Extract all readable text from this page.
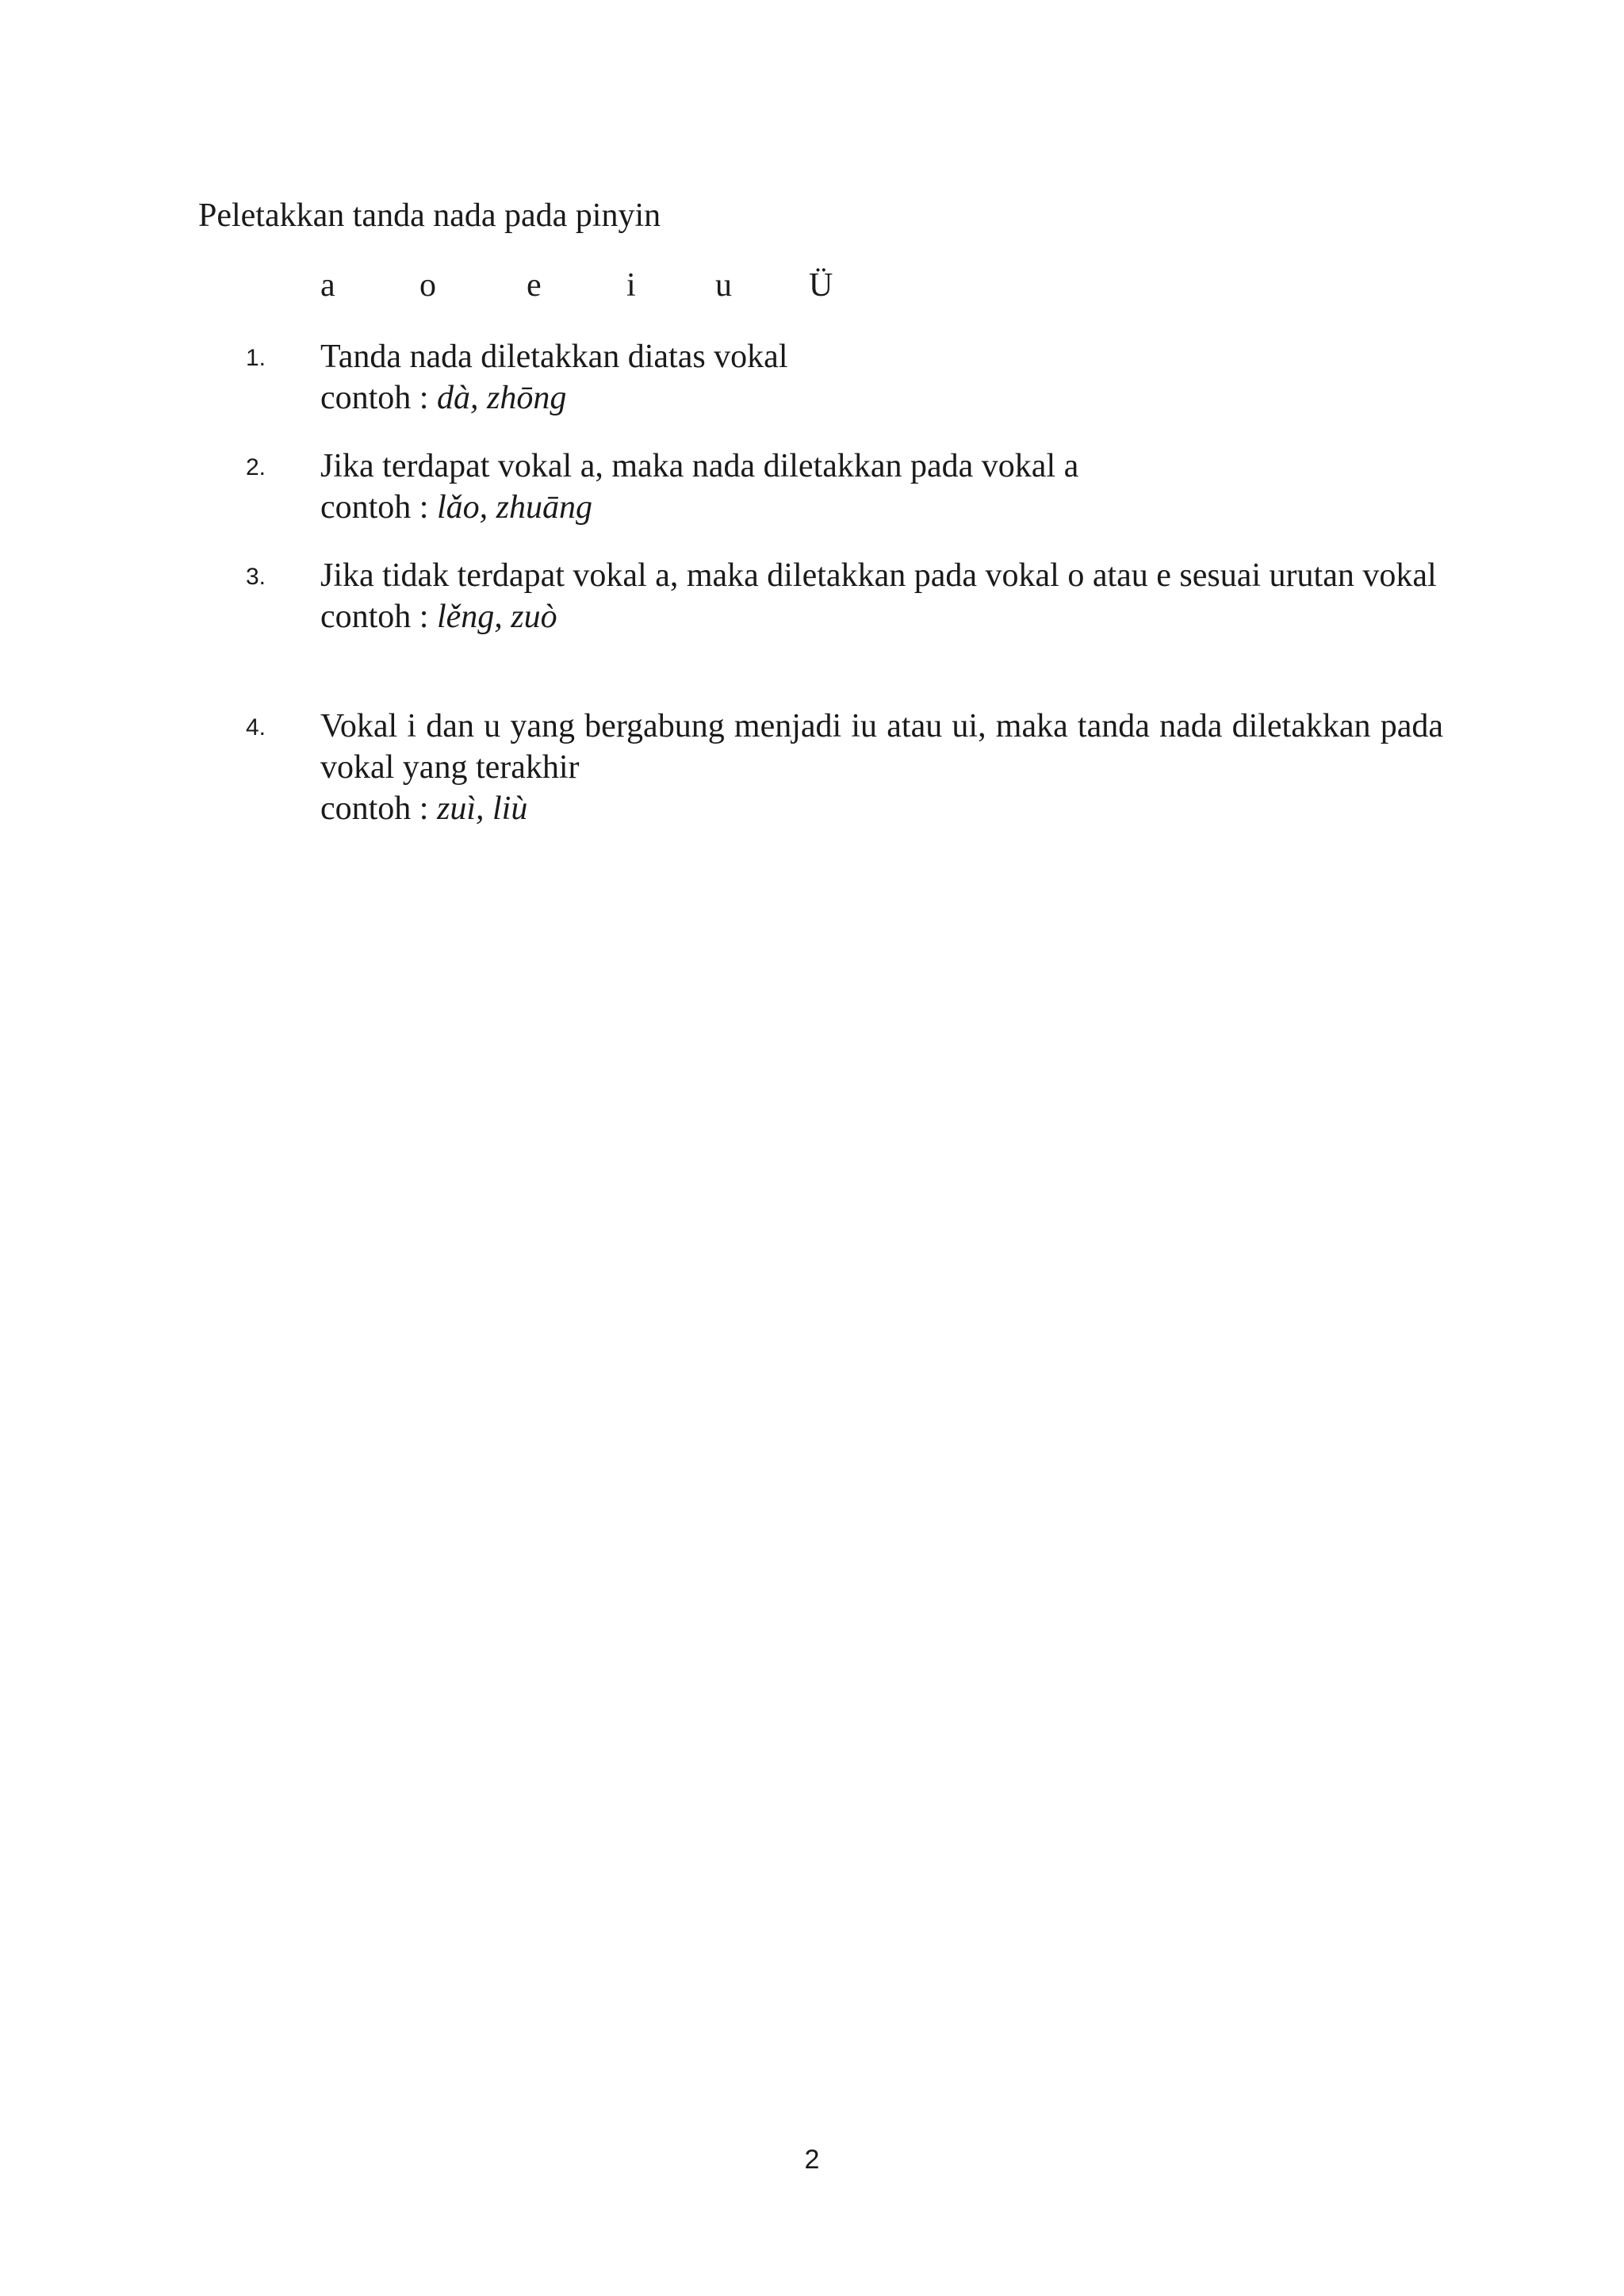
Peletakkan tanda nada pada pinyin

a	o	e	i u Ü
1. Tanda nada diletakkan diatas vokal
contoh : dà, zhōng
2. Jika terdapat vokal a, maka nada diletakkan pada vokal a
contoh : lǎo, zhuāng
3. Jika tidak terdapat vokal a, maka diletakkan pada vokal o atau e sesuai urutan vokal
contoh : lěng, zuò
4. Vokal i dan u yang bergabung menjadi iu atau ui, maka tanda nada diletakkan pada vokal yang terakhir
contoh : zuì, liù
2
